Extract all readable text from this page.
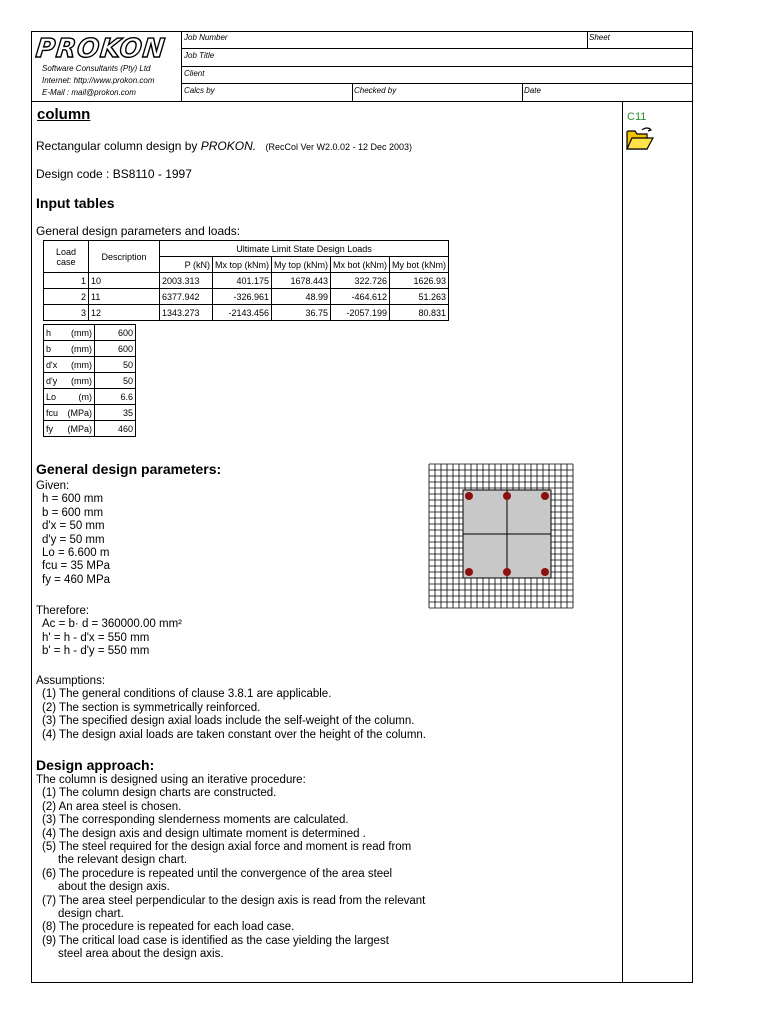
PROKON
Software Consultants (Pty) Ltd
Internet: http://www.prokon.com
E-Mail : mail@prokon.com
Job Number	Sheet
Job Title
Client
Calcs by	Checked by	Date
C11
column
Rectangular column design by PROKON. (RecCol Ver W2.0.02 - 12 Dec 2003)
Design code : BS8110 - 1997
Input tables
General design parameters and loads:
Load case	Description	Ultimate Limit State Design Loads				
		P (kN)	Mx top (kNm)	My top (kNm)	Mx bot (kNm)	My bot (kNm)
1	10	2003.313	401.175	1678.443	322.726	1626.93
2	11	6377.942	-326.961	48.99	-464.612	51.263
3	12	1343.273	-2143.456	36.75	-2057.199	80.831
h (mm)	600
b (mm)	600
d'x (mm)	50
d'y (mm)	50
Lo (m)	6.6
fcu (MPa)	35
fy (MPa)	460
General design parameters:
Given:
h = 600 mm
b = 600 mm
d'x = 50 mm
d'y = 50 mm
Lo = 6.600 m
fcu = 35 MPa
fy = 460 MPa
Therefore:
Ac = b· d = 360000.00 mm²
h' = h - d'x = 550 mm
b' = h - d'y = 550 mm
Assumptions:
(1) The general conditions of clause 3.8.1 are applicable.
(2) The section is symmetrically reinforced.
(3) The specified design axial loads include the self-weight of the column.
(4) The design axial loads are taken constant over the height of the column.
Design approach:
The column is designed using an iterative procedure:
(1) The column design charts are constructed.
(2) An area steel is chosen.
(3) The corresponding slenderness moments are calculated.
(4) The design axis and design ultimate moment is determined .
(5) The steel required for the design axial force and moment is read from
the relevant design chart.
(6) The procedure is repeated until the convergence of the area steel
about the design axis.
(7) The area steel perpendicular to the design axis is read from the relevant
design chart.
(8) The procedure is repeated for each load case.
(9) The critical load case is identified as the case yielding the largest
steel area about the design axis.
